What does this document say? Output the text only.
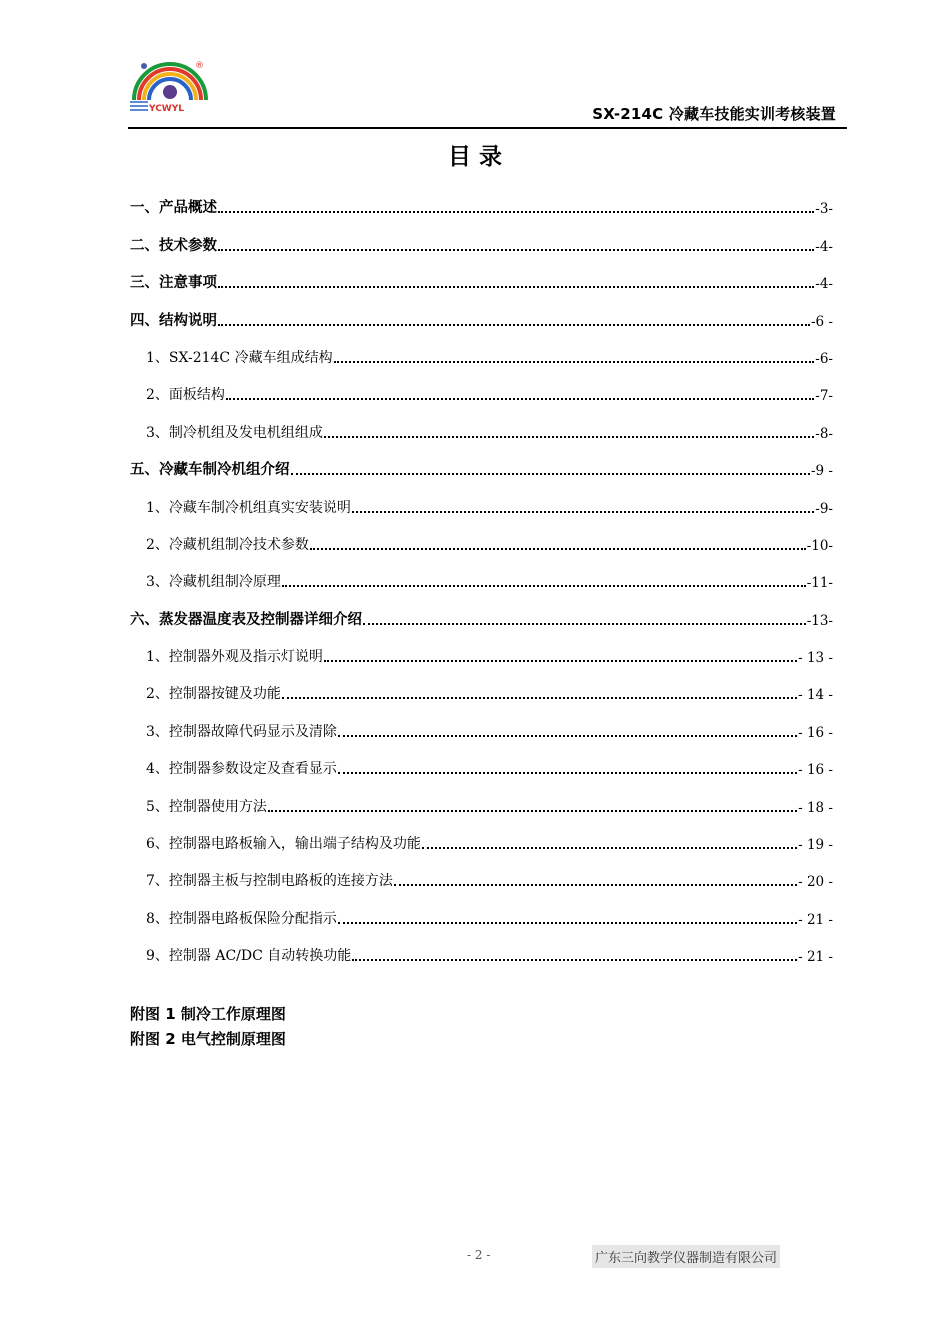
YCWYL
®
SX-214C 冷藏车技能实训考核装置
目 录
一、产品概述	-3-
二、技术参数	-4-
三、注意事项	-4-
四、结构说明	-6 -
1、SX-214C 冷藏车组成结构	-6-
2、面板结构	-7-
3、制冷机组及发电机组组成	-8-
五、冷藏车制冷机组介绍	-9 -
1、冷藏车制冷机组真实安装说明	-9-
2、冷藏机组制冷技术参数	-10-
3、冷藏机组制冷原理	-11-
六、蒸发器温度表及控制器详细介绍	-13-
1、控制器外观及指示灯说明	- 13 -
2、控制器按键及功能	- 14 -
3、控制器故障代码显示及清除	- 16 -
4、控制器参数设定及查看显示	- 16 -
5、控制器使用方法	- 18 -
6、控制器电路板输入，输出端子结构及功能	- 19 -
7、控制器主板与控制电路板的连接方法	- 20 -
8、控制器电路板保险分配指示	- 21 -
9、控制器 AC/DC 自动转换功能	- 21 -
附图 1 制冷工作原理图
附图 2 电气控制原理图
- 2 -	广东三向教学仪器制造有限公司
